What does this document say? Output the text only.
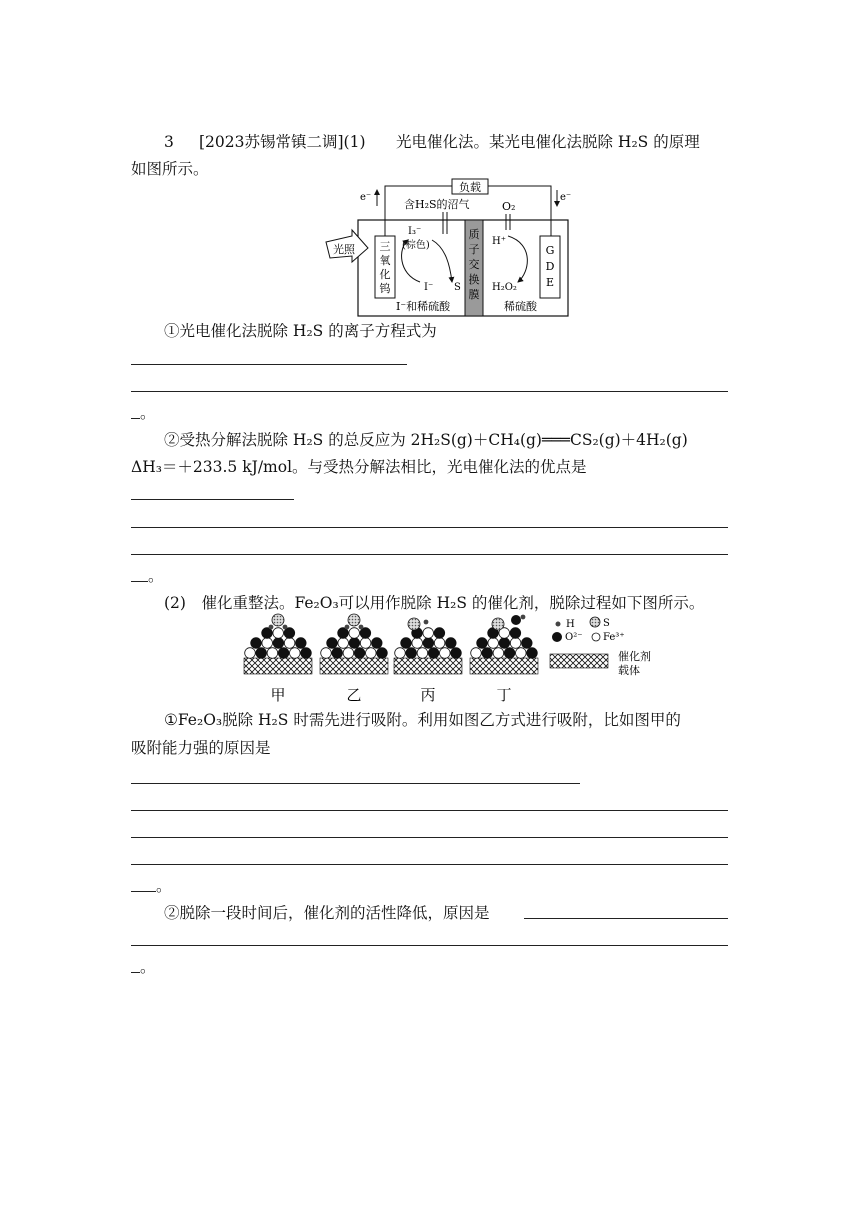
3 [2023苏锡常镇二调](1) 光电催化法。某光电催化法脱除 H₂S 的原理
如图所示。
负载
e⁻	e⁻
含H₂S的沼气	O₂
三
氧
化
钨
光照
质
子
交
换
膜
I₃⁻
(棕色)
I⁻ S
H⁺
H₂O₂
G
D
E
I⁻和稀硫酸	稀硫酸
①光电催化法脱除 H₂S 的离子方程式为
。
②受热分解法脱除 H₂S 的总反应为 2H₂S(g)＋CH₄(g)═══CS₂(g)＋4H₂(g)
ΔH₃＝＋233.5 kJ/mol。与受热分解法相比，光电催化法的优点是
。
(2)　催化重整法。Fe₂O₃可以用作脱除 H₂S 的催化剂，脱除过程如下图所示。
甲	乙	丙	丁
H	S
O²⁻ Fe³⁺
催化剂
载体
①Fe₂O₃脱除 H₂S 时需先进行吸附。利用如图乙方式进行吸附，比如图甲的
吸附能力强的原因是
。
②脱除一段时间后，催化剂的活性降低，原因是
。
